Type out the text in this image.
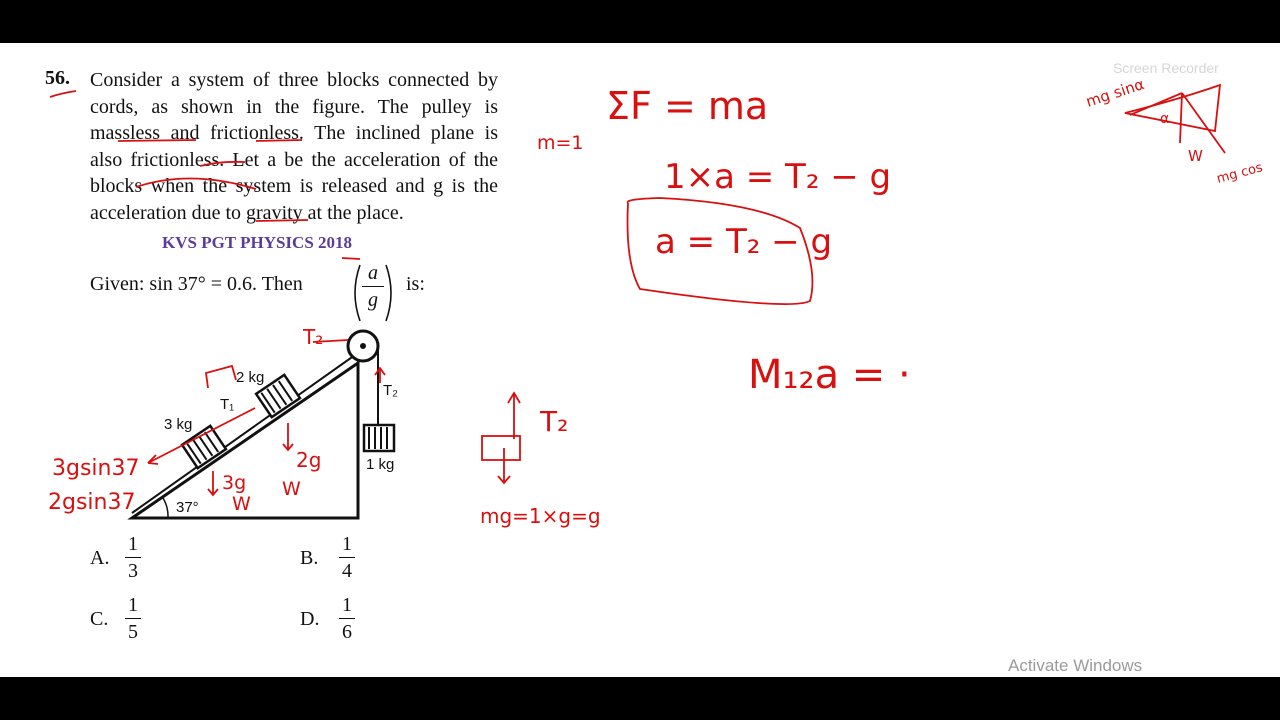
56. Consider a system of three blocks connected by cords, as shown in the figure. The pulley is massless and frictionless. The inclined plane is also frictionless. Let a be the acceleration of the blocks when the system is released and g is the acceleration due to gravity at the place.

KVS PGT PHYSICS 2018
Given: sin 37° = 0.6. Then	a
g
is:
A.
1
3
B.
1
4
C.
1
5
D.
1
6
3 kg
2 kg
1 kg
T₁
T₂
37°
ΣF = ma
m=1
1×a = T₂ − g
a = T₂ − g
M₁₂a = ·
T₂
mg=1×g=g
3gsin37
2gsin37
T₂
3g
2g
W
W
mg sinα
α
W
mg cos
Screen Recorder
Activate Windows
